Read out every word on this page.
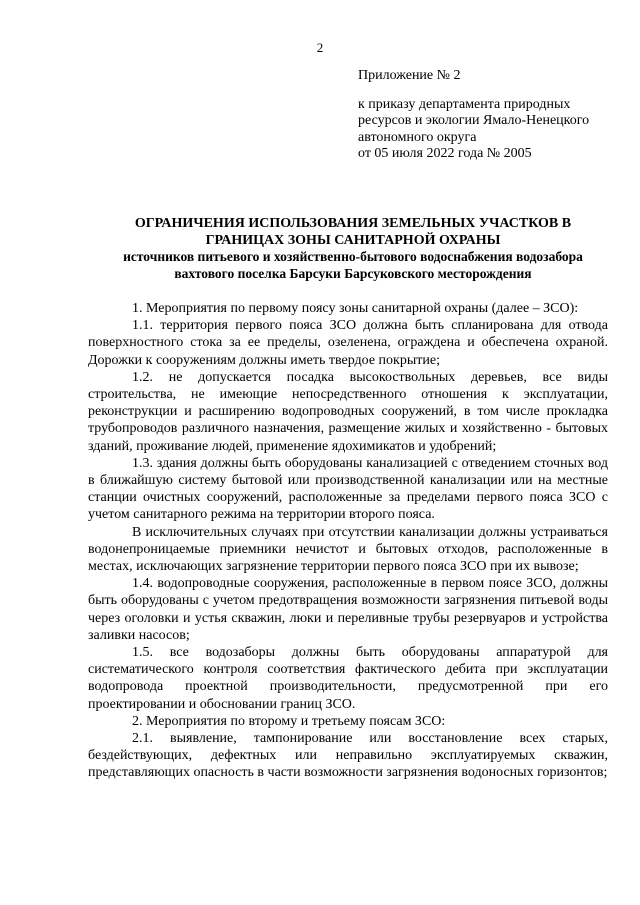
2
Приложение № 2
к приказу департамента природных
ресурсов и экологии Ямало-Ненецкого
автономного округа
от 05 июля 2022 года № 2005
ОГРАНИЧЕНИЯ ИСПОЛЬЗОВАНИЯ ЗЕМЕЛЬНЫХ УЧАСТКОВ В
ГРАНИЦАХ ЗОНЫ САНИТАРНОЙ ОХРАНЫ
источников питьевого и хозяйственно-бытового водоснабжения водозабора
вахтового поселка Барсуки Барсуковского месторождения

1. Мероприятия по первому поясу зоны санитарной охраны (далее – ЗСО):

1.1. территория первого пояса ЗСО должна быть спланирована для отвода поверхностного стока за ее пределы, озеленена, ограждена и обеспечена охраной. Дорожки к сооружениям должны иметь твердое покрытие;

1.2. не допускается посадка высокоствольных деревьев, все виды строительства, не имеющие непосредственного отношения к эксплуатации, реконструкции и расширению водопроводных сооружений, в том числе прокладка трубопроводов различного назначения, размещение жилых и хозяйственно - бытовых зданий, проживание людей, применение ядохимикатов и удобрений;

1.3. здания должны быть оборудованы канализацией с отведением сточных вод в ближайшую систему бытовой или производственной канализации или на местные станции очистных сооружений, расположенные за пределами первого пояса ЗСО с учетом санитарного режима на территории второго пояса.

В исключительных случаях при отсутствии канализации должны устраиваться водонепроницаемые приемники нечистот и бытовых отходов, расположенные в местах, исключающих загрязнение территории первого пояса ЗСО при их вывозе;

1.4. водопроводные сооружения, расположенные в первом поясе ЗСО, должны быть оборудованы с учетом предотвращения возможности загрязнения питьевой воды через оголовки и устья скважин, люки и переливные трубы резервуаров и устройства заливки насосов;

1.5. все водозаборы должны быть оборудованы аппаратурой для систематического контроля соответствия фактического дебита при эксплуатации водопровода проектной производительности, предусмотренной при его проектировании и обосновании границ ЗСО.

2. Мероприятия по второму и третьему поясам ЗСО:

2.1. выявление, тампонирование или восстановление всех старых, бездействующих, дефектных или неправильно эксплуатируемых скважин, представляющих опасность в части возможности загрязнения водоносных горизонтов;
